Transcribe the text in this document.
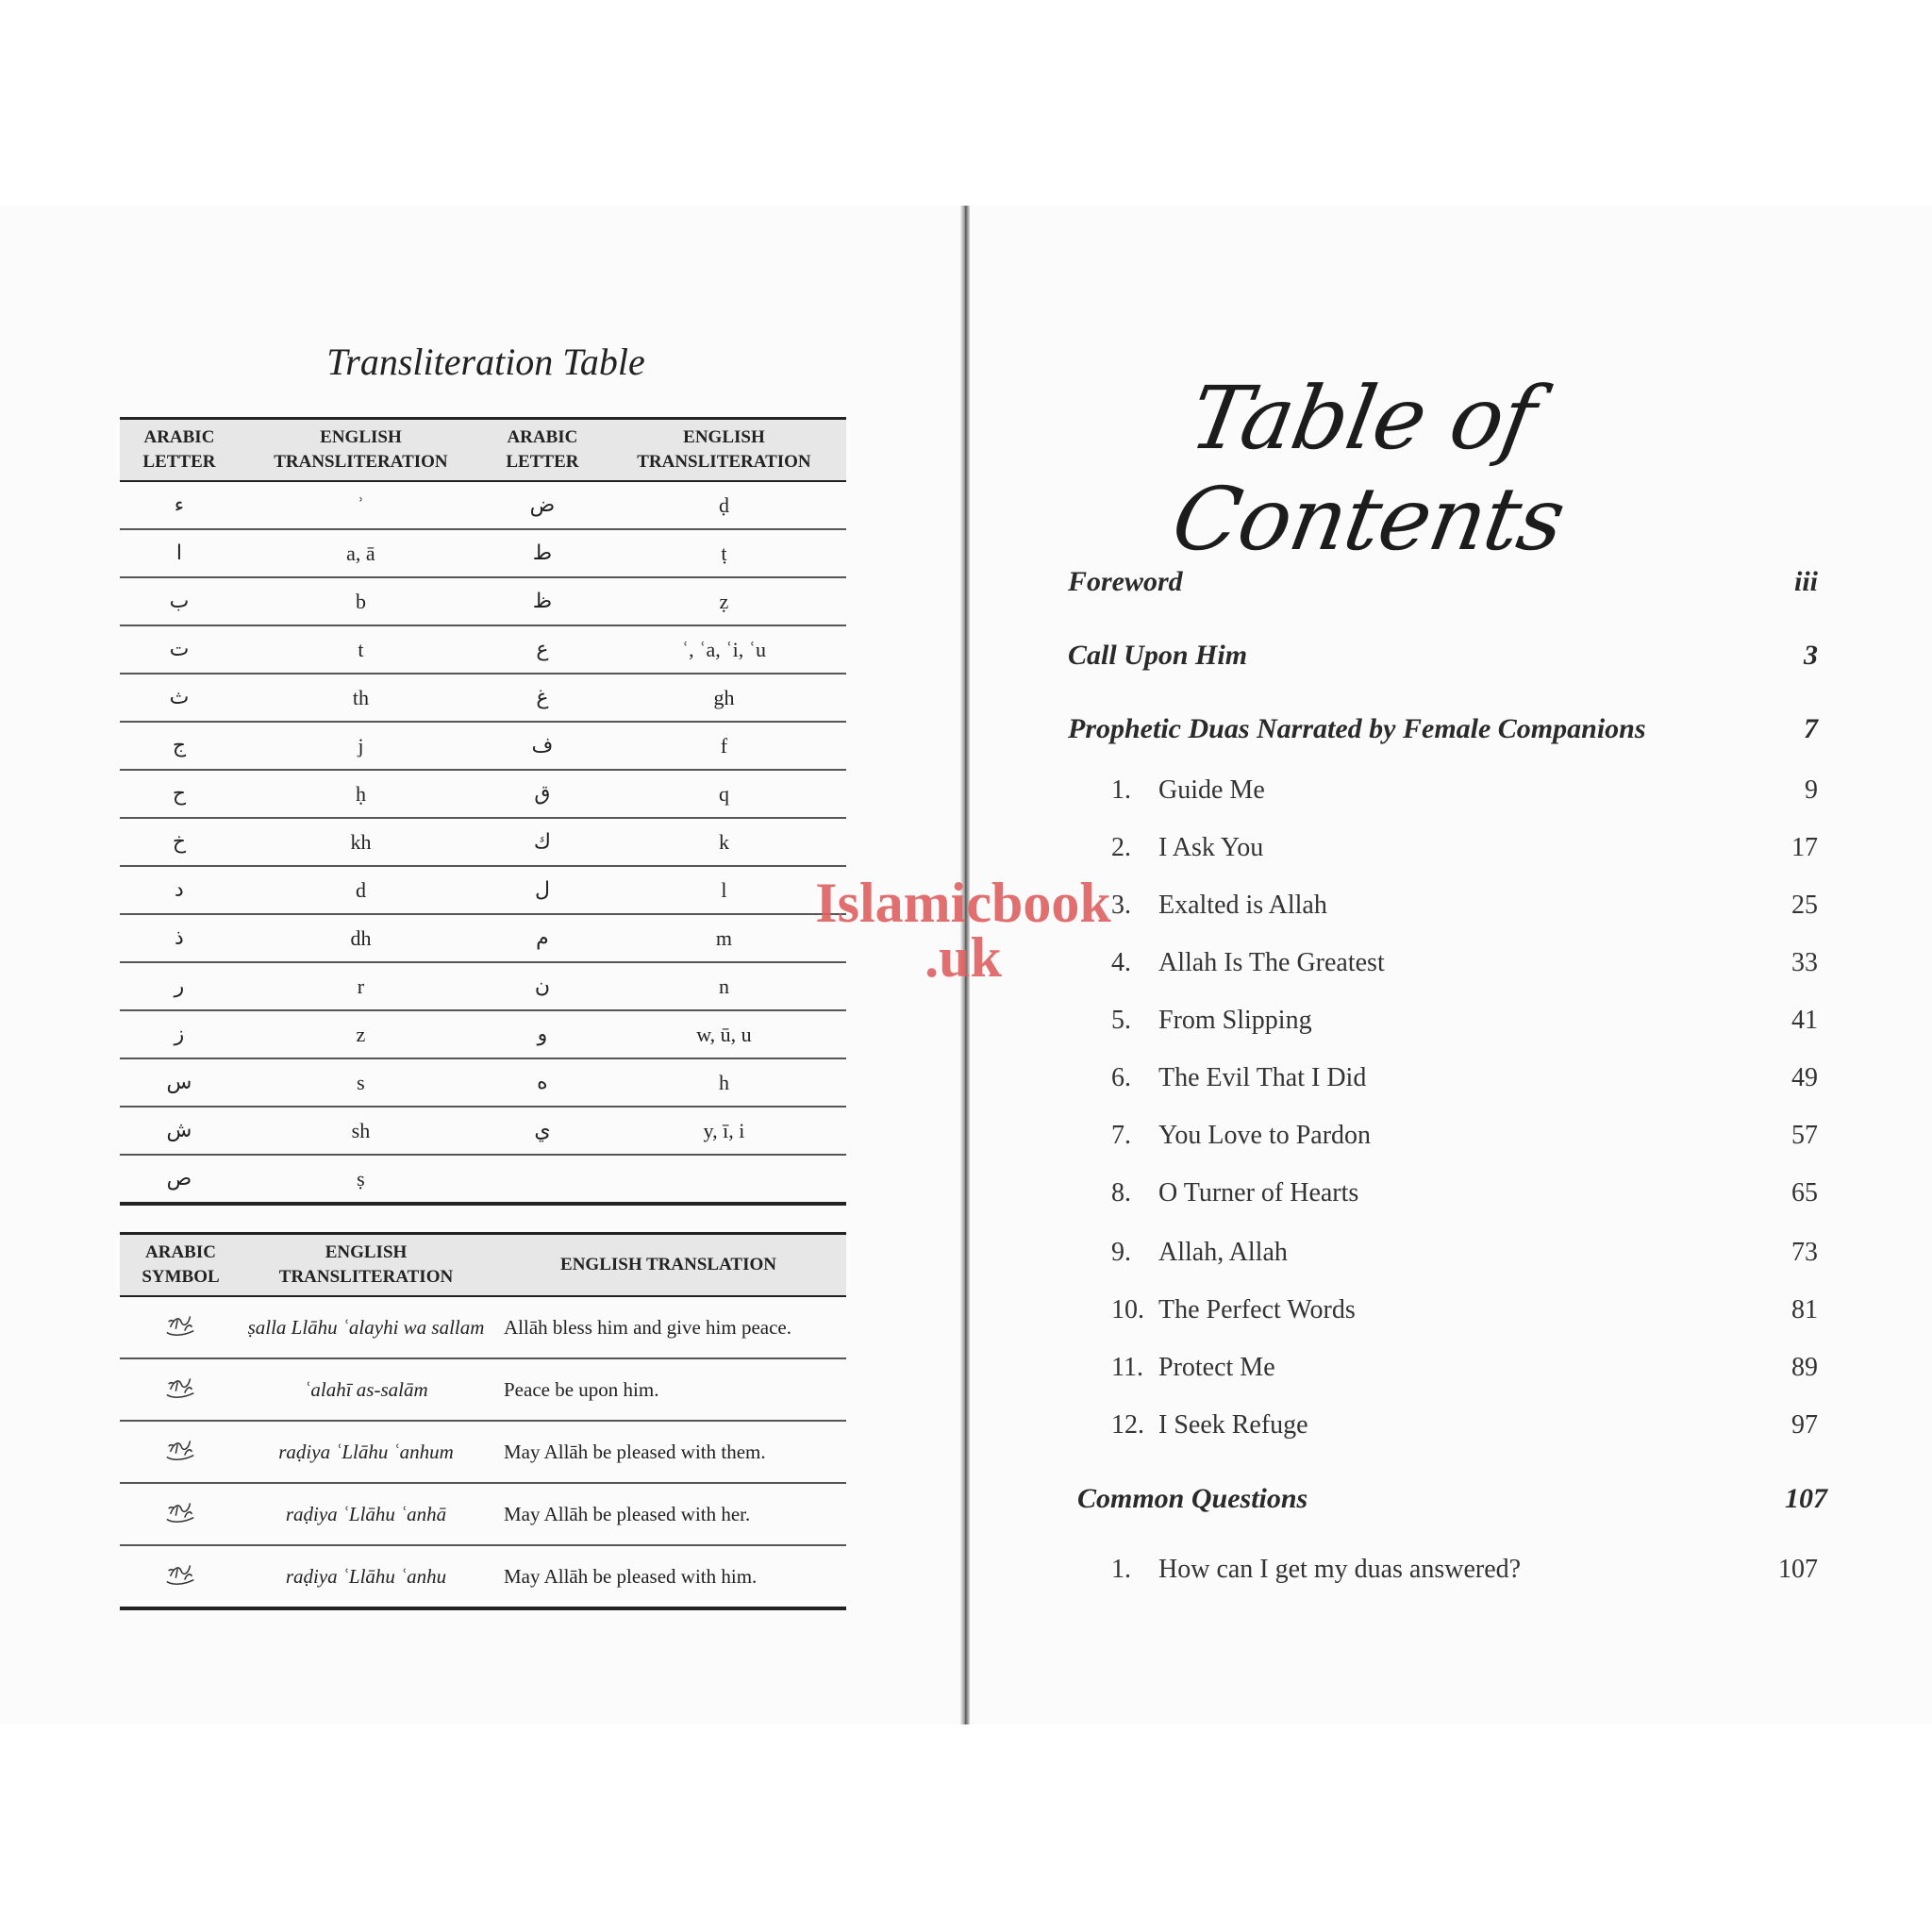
Transliteration Table
ARABIC LETTER	ENGLISH TRANSLITERATION	ARABIC LETTER	ENGLISH TRANSLITERATION
ء	ʾ	ض	ḍ
ا	a, ā	ط	ṭ
ب	b	ظ	ẓ
ت	t	ع	ʿ, ʿa, ʿi, ʿu
ث	th	غ	gh
ج	j	ف	f
ح	ḥ	ق	q
خ	kh	ك	k
د	d	ل	l
ذ	dh	م	m
ر	r	ن	n
ز	z	و	w, ū, u
س	s	ه	h
ش	sh	ي	y, ī, i
ص	ṣ		
ARABIC SYMBOL	ENGLISH TRANSLITERATION	ENGLISH TRANSLATION
	ṣalla Llāhu ʿalayhi wa sallam	Allāh bless him and give him peace.
	ʿalahī as-salām	Peace be upon him.
	raḍiya ʿLlāhu ʿanhum	May Allāh be pleased with them.
	raḍiya ʿLlāhu ʿanhā	May Allāh be pleased with her.
	raḍiya ʿLlāhu ʿanhu	May Allāh be pleased with him.
Table of Contents
Foreword	iii
Call Upon Him	3
Prophetic Duas Narrated by Female Companions	7
1. Guide Me	9
2. I Ask You	17
3. Exalted is Allah	25
4. Allah Is The Greatest	33
5. From Slipping	41
6. The Evil That I Did	49
7. You Love to Pardon	57
8. O Turner of Hearts	65
9. Allah, Allah	73
10. The Perfect Words	81
11. Protect Me	89
12. I Seek Refuge	97
Common Questions	107
1. How can I get my duas answered?	107
Islamicbook
.uk
